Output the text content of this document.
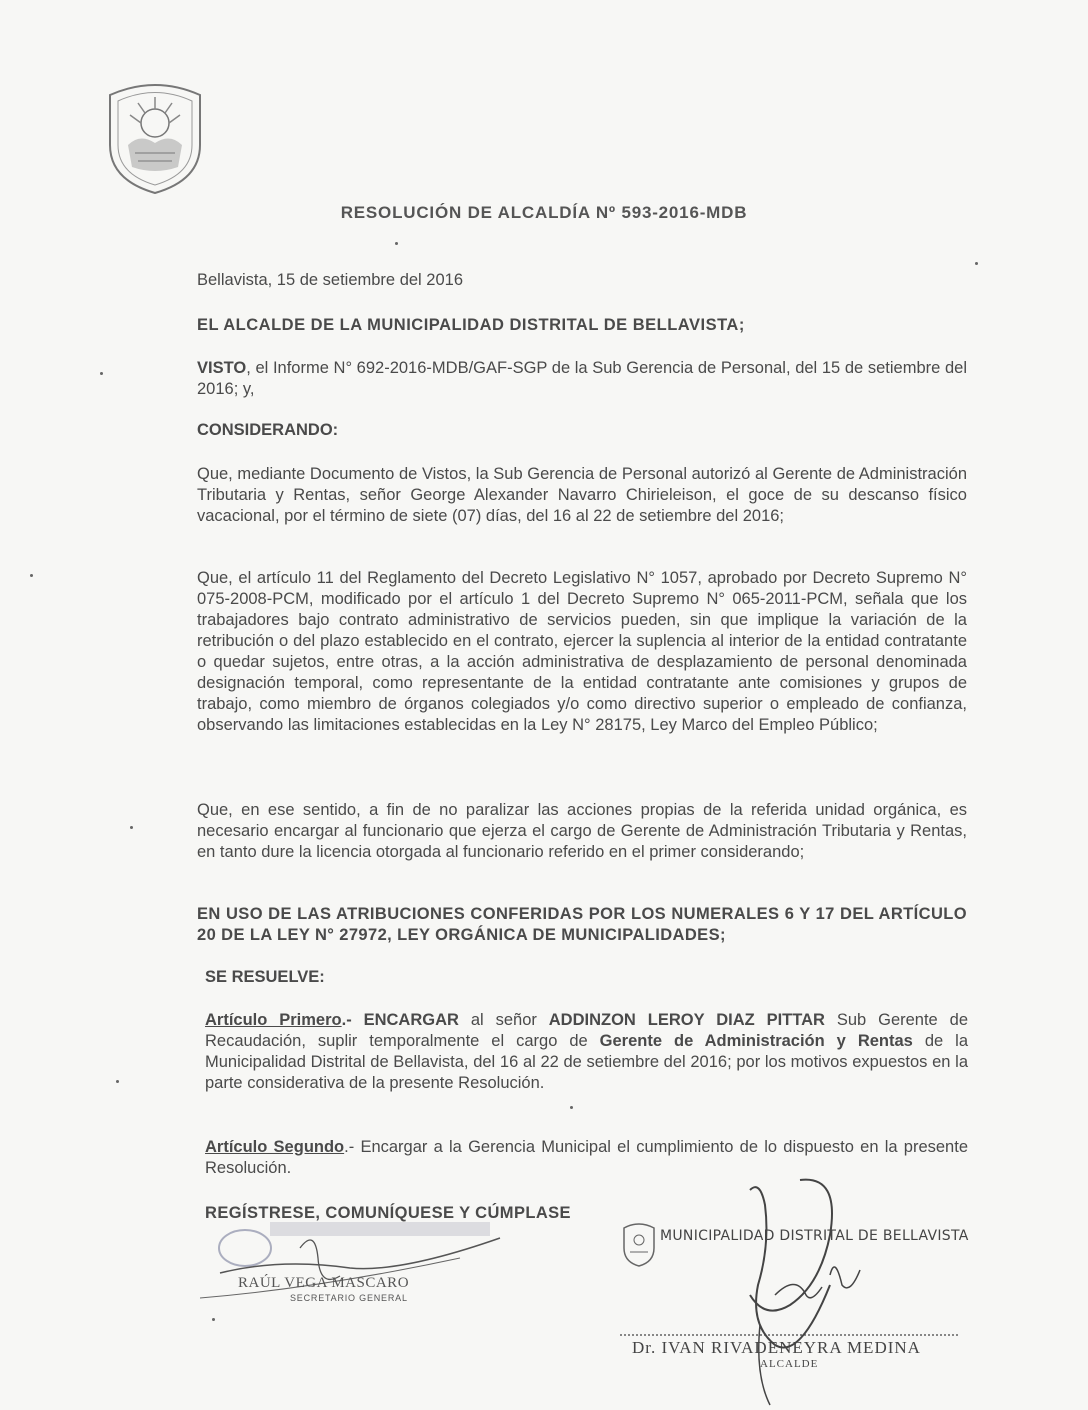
RESOLUCIÓN DE ALCALDÍA Nº 593-2016-MDB
Bellavista, 15 de setiembre del 2016
EL ALCALDE DE LA MUNICIPALIDAD DISTRITAL DE BELLAVISTA;
VISTO, el Informe N° 692-2016-MDB/GAF-SGP de la Sub Gerencia de Personal, del 15 de setiembre del 2016; y,
CONSIDERANDO:

Que, mediante Documento de Vistos, la Sub Gerencia de Personal autorizó al Gerente de Administración Tributaria y Rentas, señor George Alexander Navarro Chirieleison, el goce de su descanso físico vacacional, por el término de siete (07) días, del 16 al 22 de setiembre del 2016;

Que, el artículo 11 del Reglamento del Decreto Legislativo N° 1057, aprobado por Decreto Supremo N° 075-2008-PCM, modificado por el artículo 1 del Decreto Supremo N° 065-2011-PCM, señala que los trabajadores bajo contrato administrativo de servicios pueden, sin que implique la variación de la retribución o del plazo establecido en el contrato, ejercer la suplencia al interior de la entidad contratante o quedar sujetos, entre otras, a la acción administrativa de desplazamiento de personal denominada designación temporal, como representante de la entidad contratante ante comisiones y grupos de trabajo, como miembro de órganos colegiados y/o como directivo superior o empleado de confianza, observando las limitaciones establecidas en la Ley N° 28175, Ley Marco del Empleo Público;

Que, en ese sentido, a fin de no paralizar las acciones propias de la referida unidad orgánica, es necesario encargar al funcionario que ejerza el cargo de Gerente de Administración Tributaria y Rentas, en tanto dure la licencia otorgada al funcionario referido en el primer considerando;

EN USO DE LAS ATRIBUCIONES CONFERIDAS POR LOS NUMERALES 6 Y 17 DEL ARTÍCULO 20 DE LA LEY N° 27972, LEY ORGÁNICA DE MUNICIPALIDADES;

SE RESUELVE:

Artículo Primero.- ENCARGAR al señor ADDINZON LEROY DIAZ PITTAR Sub Gerente de Recaudación, suplir temporalmente el cargo de Gerente de Administración y Rentas de la Municipalidad Distrital de Bellavista, del 16 al 22 de setiembre del 2016; por los motivos expuestos en la parte considerativa de la presente Resolución.

Artículo Segundo.- Encargar a la Gerencia Municipal el cumplimiento de lo dispuesto en la presente Resolución.

REGÍSTRESE, COMUNÍQUESE Y CÚMPLASE
RAÚL VEGA MASCARO
SECRETARIO GENERAL
MUNICIPALIDAD DISTRITAL DE BELLAVISTA
Dr. IVAN RIVADENEYRA MEDINA
ALCALDE
